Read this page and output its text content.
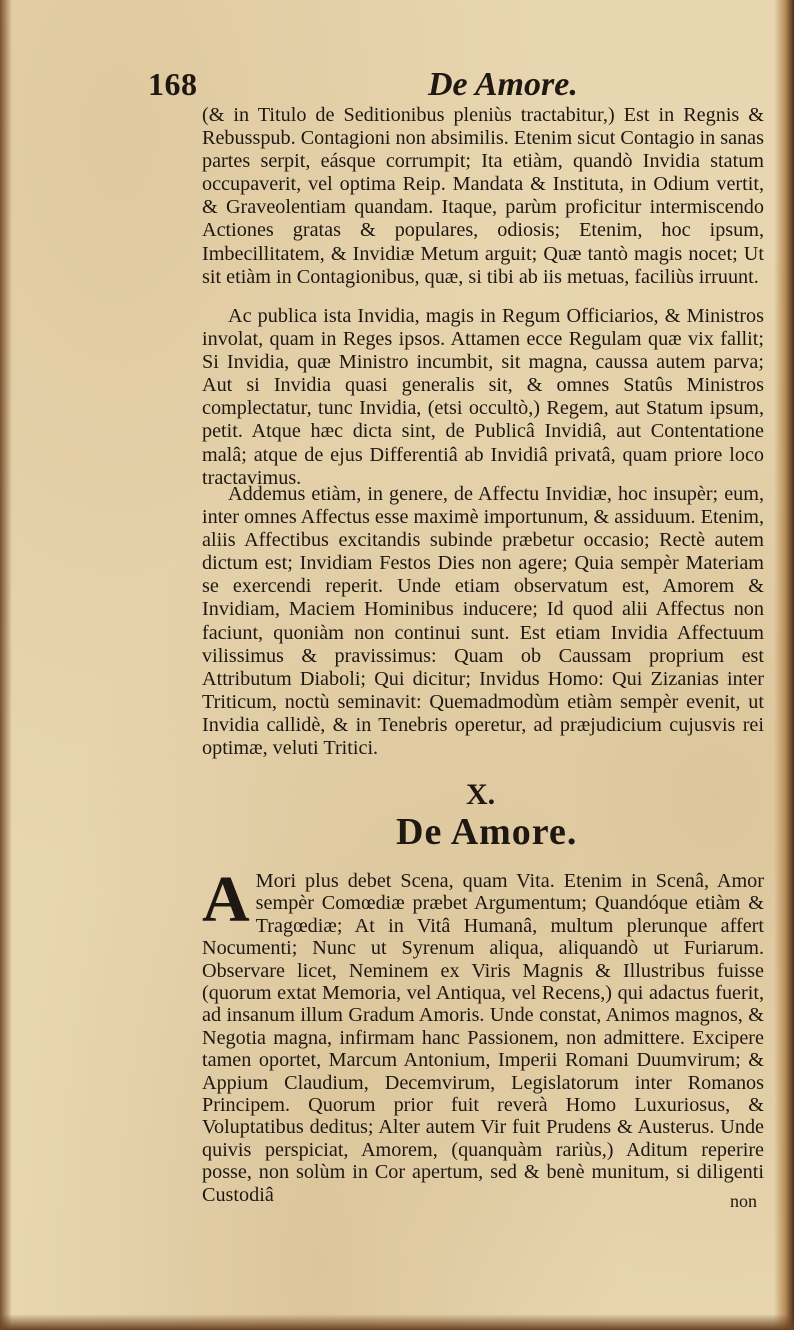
168	De Amore.

(& in Titulo de Seditionibus pleniùs tractabitur,) Est in Regnis & Rebusspub. Contagioni non absimilis. Etenim sicut Contagio in sanas partes serpit, eásque corrumpit; Ita etiàm, quandò Invidia statum occupaverit, vel optima Reip. Mandata & Instituta, in Odium vertit, & Graveolentiam quandam. Itaque, parùm proficitur intermiscendo Actiones gratas & populares, odiosis; Etenim, hoc ipsum, Imbecillitatem, & Invidiæ Metum arguit; Quæ tantò magis nocet; Ut sit etiàm in Contagionibus, quæ, si tibi ab iis metuas, faciliùs irruunt.

Ac publica ista Invidia, magis in Regum Officiarios, & Ministros involat, quam in Reges ipsos. Attamen ecce Regulam quæ vix fallit; Si Invidia, quæ Ministro incumbit, sit magna, caussa autem parva; Aut si Invidia quasi generalis sit, & omnes Statûs Ministros complectatur, tunc Invidia, (etsi occultò,) Regem, aut Statum ipsum, petit. Atque hæc dicta sint, de Publicâ Invidiâ, aut Contentatione malâ; atque de ejus Differentiâ ab Invidiâ privatâ, quam priore loco tractavimus.

Addemus etiàm, in genere, de Affectu Invidiæ, hoc insupèr; eum, inter omnes Affectus esse maximè importunum, & assiduum. Etenim, aliis Affectibus excitandis subinde præbetur occasio; Rectè autem dictum est; Invidiam Festos Dies non agere; Quia sempèr Materiam se exercendi reperit. Unde etiam observatum est, Amorem & Invidiam, Maciem Hominibus inducere; Id quod alii Affectus non faciunt, quoniàm non continui sunt. Est etiam Invidia Affectuum vilissimus & pravissimus: Quam ob Caussam proprium est Attributum Diaboli; Qui dicitur; Invidus Homo: Qui Zizanias inter Triticum, noctù seminavit: Quemadmodùm etiàm sempèr evenit, ut Invidia callidè, & in Tenebris operetur, ad præjudicium cujusvis rei optimæ, veluti Tritici.

X.
De Amore.

A Mori plus debet Scena, quam Vita. Etenim in Scenâ, Amor sempèr Comœdiæ præbet Argumentum; Quandóque etiàm & Tragœdiæ; At in Vitâ Humanâ, multum plerunque affert Nocumenti; Nunc ut Syrenum aliqua, aliquandò ut Furiarum. Observare licet, Neminem ex Viris Magnis & Illustribus fuisse (quorum extat Memoria, vel Antiqua, vel Recens,) qui adactus fuerit, ad insanum illum Gradum Amoris. Unde constat, Animos magnos, & Negotia magna, infirmam hanc Passionem, non admittere. Excipere tamen oportet, Marcum Antonium, Imperii Romani Duumvirum; & Appium Claudium, Decemvirum, Legislatorum inter Romanos Principem. Quorum prior fuit reverà Homo Luxuriosus, & Voluptatibus deditus; Alter autem Vir fuit Prudens & Austerus. Unde quivis perspiciat, Amorem, (quanquàm rariùs,) Aditum reperire posse, non solùm in Cor apertum, sed & benè munitum, si diligenti Custodiâ	non
